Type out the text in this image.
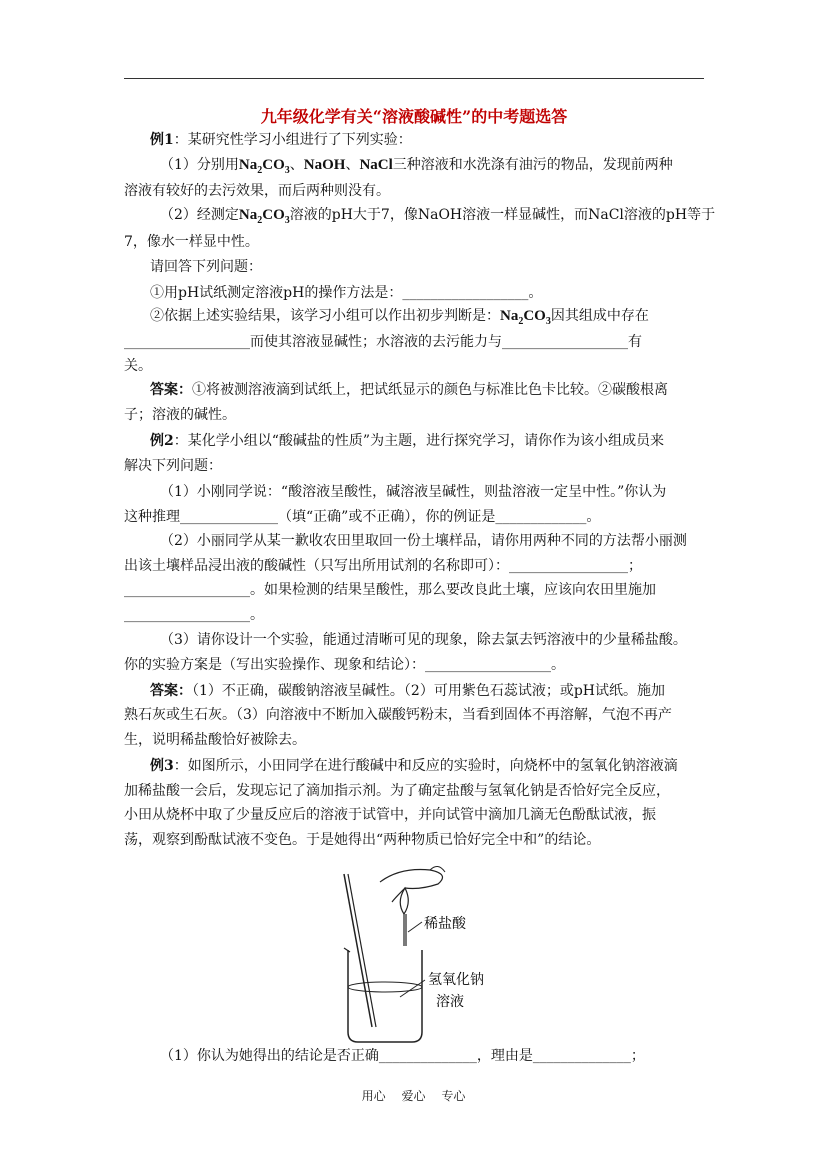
九年级化学有关“溶液酸碱性”的中考题选答
例1：某研究性学习小组进行了下列实验：
（1）分别用$Na_2CO_3$、NaOH、NaCl三种溶液和水洗涤有油污的物品，发现前两种
溶液有较好的去污效果，而后两种则没有。
（2）经测定$Na_2CO_3$溶液的pH大于7，像NaOH溶液一样显碱性，而NaCl溶液的pH等于
7，像水一样显中性。
请回答下列问题：
①用pH试纸测定溶液pH的操作方法是：__________________。
②依据上述实验结果，该学习小组可以作出初步判断是：$Na_2CO_3$因其组成中存在
__________________而使其溶液显碱性；水溶液的去污能力与__________________有
关。
答案：①将被测溶液滴到试纸上，把试纸显示的颜色与标准比色卡比较。②碳酸根离
子；溶液的碱性。
例2：某化学小组以“酸碱盐的性质”为主题，进行探究学习，请你作为该小组成员来
解决下列问题：
（1）小刚同学说：“酸溶液呈酸性，碱溶液呈碱性，则盐溶液一定呈中性。”你认为
这种推理______________（填“正确”或不正确），你的例证是_____________。
（2）小丽同学从某一歉收农田里取回一份土壤样品，请你用两种不同的方法帮小丽测
出该土壤样品浸出液的酸碱性（只写出所用试剂的名称即可）：_________________；
__________________。如果检测的结果呈酸性，那么要改良此土壤，应该向农田里施加
__________________。
（3）请你设计一个实验，能通过清晰可见的现象，除去氯去钙溶液中的少量稀盐酸。
你的实验方案是（写出实验操作、现象和结论）：__________________。
答案：（1）不正确，碳酸钠溶液呈碱性。（2）可用紫色石蕊试液；或pH试纸。施加
熟石灰或生石灰。（3）向溶液中不断加入碳酸钙粉末，当看到固体不再溶解，气泡不再产
生，说明稀盐酸恰好被除去。
例3：如图所示，小田同学在进行酸碱中和反应的实验时，向烧杯中的氢氧化钠溶液滴
加稀盐酸一会后，发现忘记了滴加指示剂。为了确定盐酸与氢氧化钠是否恰好完全反应，
小田从烧杯中取了少量反应后的溶液于试管中，并向试管中滴加几滴无色酚酞试液，振
荡，观察到酚酞试液不变色。于是她得出“两种物质已恰好完全中和”的结论。
稀盐酸
氢氧化钠
溶液
（1）你认为她得出的结论是否正确______________，理由是______________；
用心 爱心 专心
